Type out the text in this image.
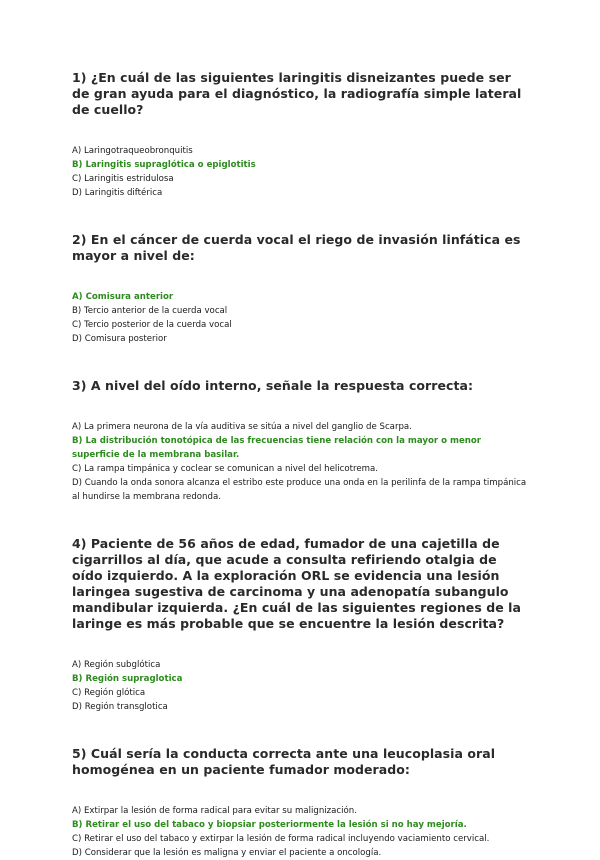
1) ¿En cuál de las siguientes laringitis disneizantes puede ser de gran ayuda para el diagnóstico, la radiografía simple lateral de cuello?
A) Laringotraqueobronquitis
B) Laringitis supraglótica o epiglotitis
C) Laringitis estridulosa
D) Laringitis diftérica
2) En el cáncer de cuerda vocal el riego de invasión linfática es mayor a nivel de:
A) Comisura anterior
B) Tercio anterior de la cuerda vocal
C) Tercio posterior de la cuerda vocal
D) Comisura posterior
3) A nivel del oído interno, señale la respuesta correcta:
A) La primera neurona de la vía auditiva se sitúa a nivel del ganglio de Scarpa.
B) La distribución tonotópica de las frecuencias tiene relación con la mayor o menor superficie de la membrana basilar.
C) La rampa timpánica y coclear se comunican a nivel del helicotrema.
D) Cuando la onda sonora alcanza el estribo este produce una onda en la perilinfa de la rampa timpánica al hundirse la membrana redonda.
4) Paciente de 56 años de edad, fumador de una cajetilla de cigarrillos al día, que acude a consulta refiriendo otalgia de oído izquierdo. A la exploración ORL se evidencia una lesión laringea sugestiva de carcinoma y una adenopatía subangulo mandibular izquierda. ¿En cuál de las siguientes regiones de la laringe es más probable que se encuentre la lesión descrita?
A) Región subglótica
B) Región supraglotica
C) Región glótica
D) Región transglotica
5) Cuál sería la conducta correcta ante una leucoplasia oral homogénea en un paciente fumador moderado:
A) Extirpar la lesión de forma radical para evitar su malignización.
B) Retirar el uso del tabaco y biopsiar posteriormente la lesión si no hay mejoría.
C) Retirar el uso del tabaco y extirpar la lesión de forma radical incluyendo vaciamiento cervical.
D) Considerar que la lesión es maligna y enviar el paciente a oncología.
